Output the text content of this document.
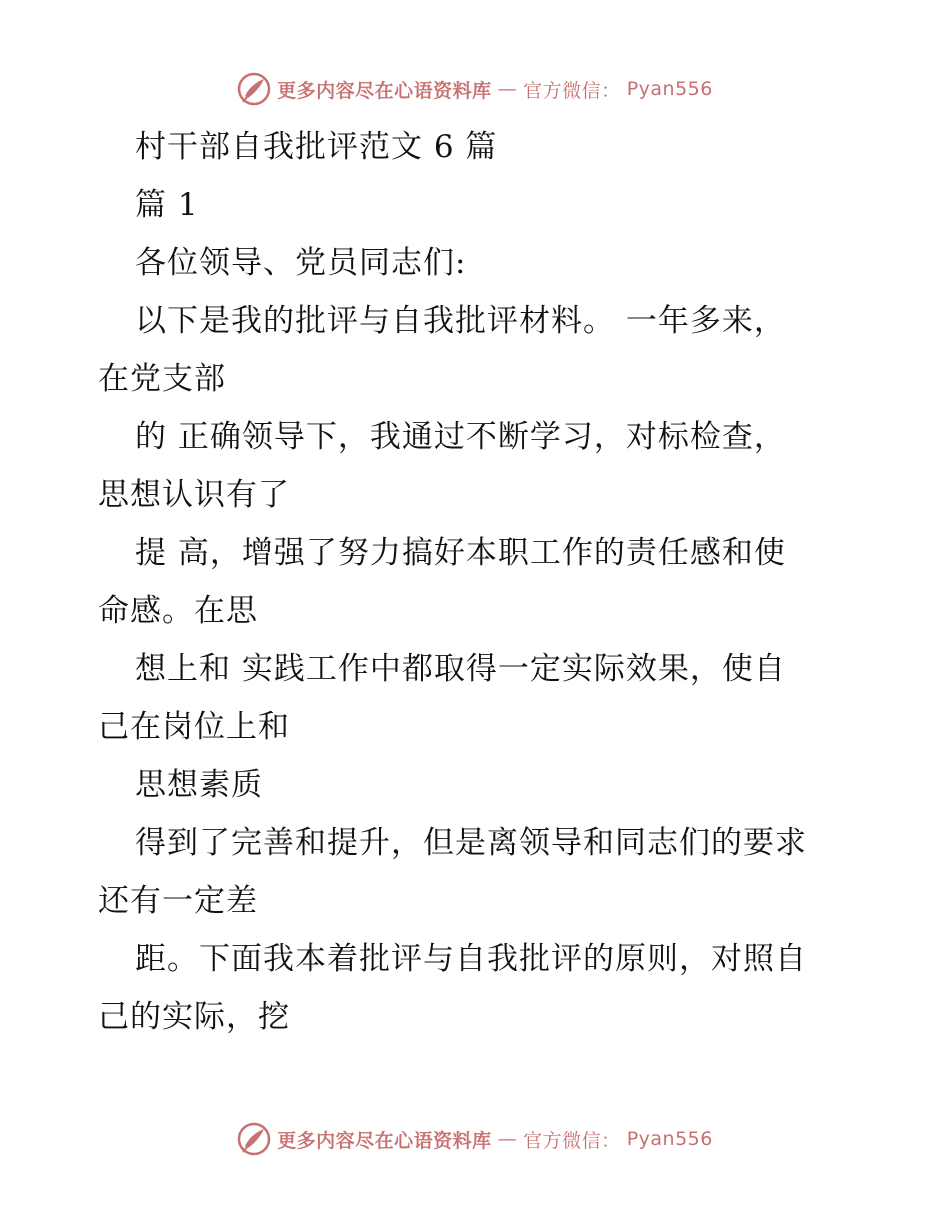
更多内容尽在心语资料库 — 官方微信： Pyan556
村干部自我批评范文 6 篇
篇 1
各位领导、党员同志们:
以下是我的批评与自我批评材料。 一年多来，
在党支部
的 正确领导下，我通过不断学习，对标检查，
思想认识有了
提 高，增强了努力搞好本职工作的责任感和使
命感。在思
想上和 实践工作中都取得一定实际效果，使自
己在岗位上和
思想素质
得到了完善和提升，但是离领导和同志们的要求
还有一定差
距。下面我本着批评与自我批评的原则，对照自
己的实际，挖
更多内容尽在心语资料库 — 官方微信： Pyan556
